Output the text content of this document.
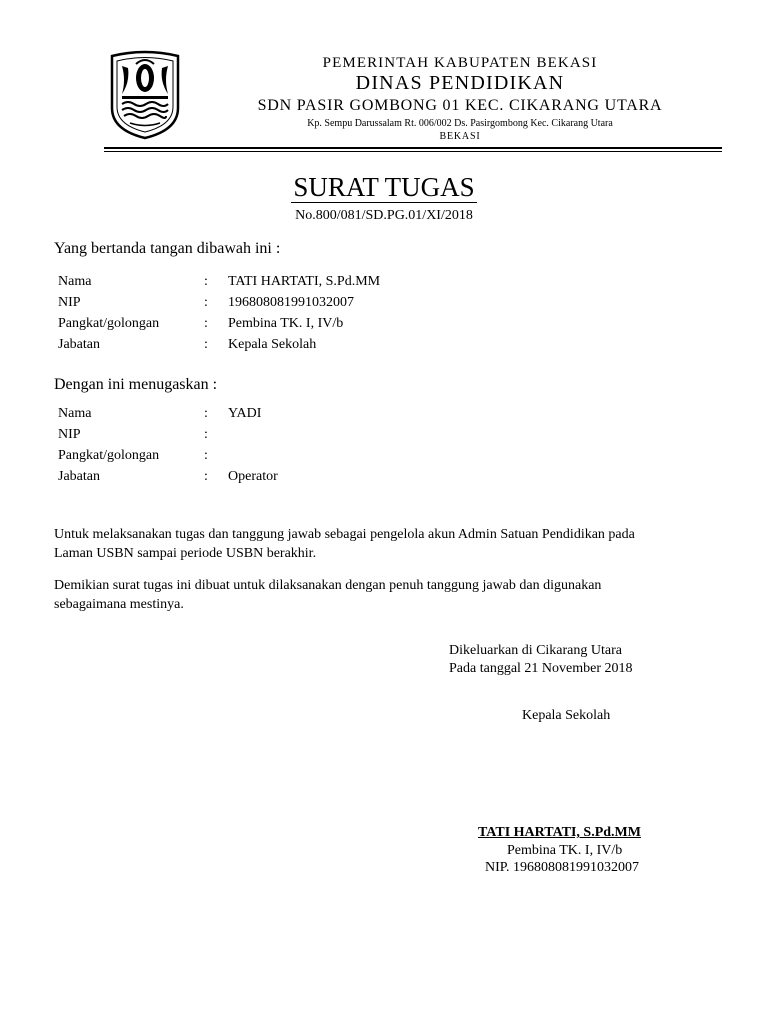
PEMERINTAH KABUPATEN BEKASI
DINAS PENDIDIKAN
SDN PASIR GOMBONG 01 KEC. CIKARANG UTARA
Kp. Sempu Darussalam Rt. 006/002 Ds. Pasirgombong Kec. Cikarang Utara
BEKASI
SURAT TUGAS
No.800/081/SD.PG.01/XI/2018
Yang bertanda tangan dibawah ini :
Nama	: TATI HARTATI, S.Pd.MM
NIP	: 196808081991032007
Pangkat/golongan	: Pembina TK. I, IV/b
Jabatan	: Kepala Sekolah
Dengan ini menugaskan :
Nama	: YADI
NIP	:
Pangkat/golongan	:
Jabatan	: Operator
Untuk melaksanakan tugas dan tanggung jawab sebagai pengelola akun Admin Satuan Pendidikan pada
Laman USBN sampai periode USBN berakhir.
Demikian surat tugas ini dibuat untuk dilaksanakan dengan penuh tanggung jawab dan digunakan
sebagaimana mestinya.
Dikeluarkan di Cikarang Utara
Pada tanggal 21 November 2018
Kepala Sekolah
TATI HARTATI, S.Pd.MM
Pembina TK. I, IV/b
NIP. 196808081991032007
